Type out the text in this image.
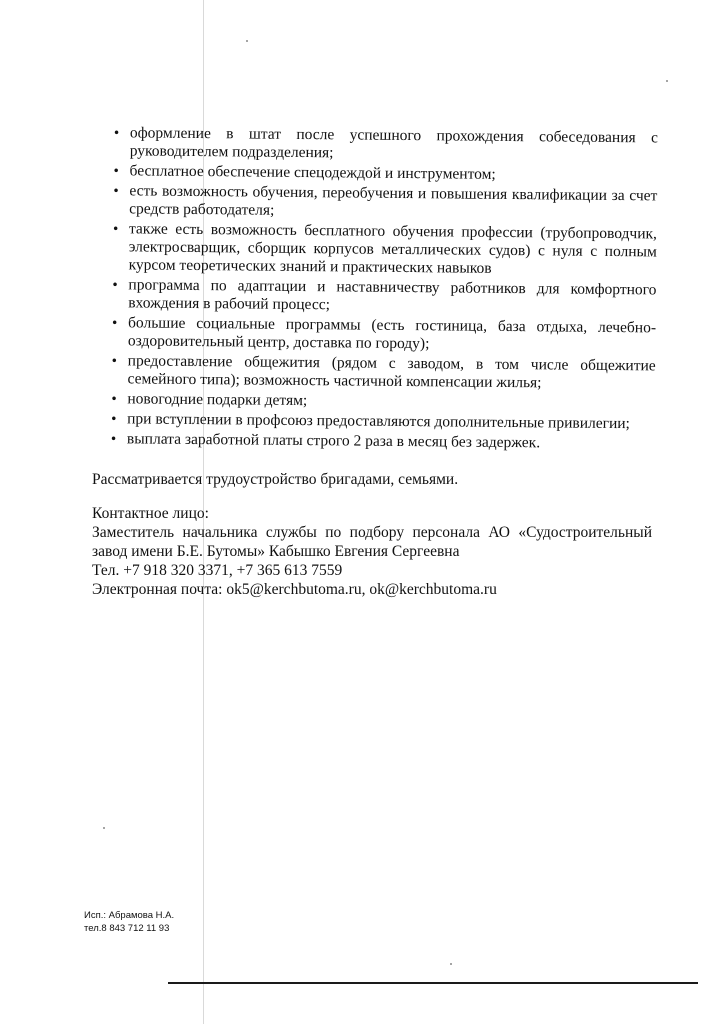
• оформление в штат после успешного прохождения собеседования с руководителем подразделения;
• бесплатное обеспечение спецодеждой и инструментом;
• есть возможность обучения, переобучения и повышения квалификации за счет средств работодателя;
• также есть возможность бесплатного обучения профессии (трубопроводчик, электросварщик, сборщик корпусов металлических судов) с нуля с полным курсом теоретических знаний и практических навыков
• программа по адаптации и наставничеству работников для комфортного вхождения в рабочий процесс;
• большие социальные программы (есть гостиница, база отдыха, лечебно-оздоровительный центр, доставка по городу);
• предоставление общежития (рядом с заводом, в том числе общежитие семейного типа); возможность частичной компенсации жилья;
• новогодние подарки детям;
• при вступлении в профсоюз предоставляются дополнительные привилегии;
• выплата заработной платы строго 2 раза в месяц без задержек.
Рассматривается трудоустройство бригадами, семьями.
Контактное лицо:
Заместитель начальника службы по подбору персонала АО «Судостроительный завод имени Б.Е. Бутомы» Кабышко Евгения Сергеевна
Тел. +7 918 320 3371, +7 365 613 7559
Электронная почта: ok5@kerchbutoma.ru, ok@kerchbutoma.ru
Исп.: Абрамова Н.А.
тел.8 843 712 11 93
